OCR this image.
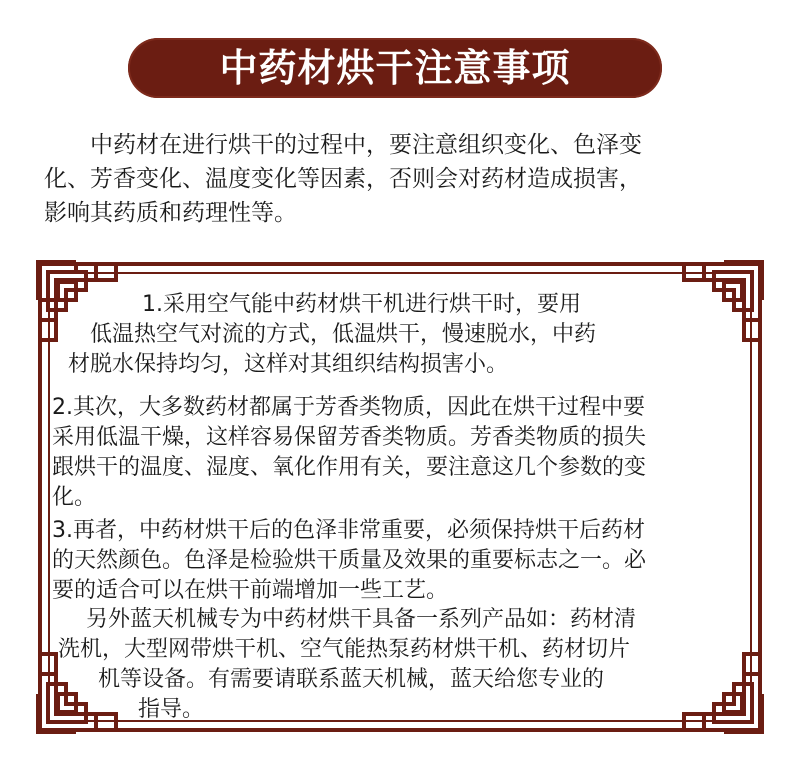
中药材烘干注意事项

中药材在进行烘干的过程中，要注意组织变化、色泽变
化、芳香变化、温度变化等因素，否则会对药材造成损害，
影响其药质和药理性等。

1.采用空气能中药材烘干机进行烘干时，要用
低温热空气对流的方式，低温烘干，慢速脱水，中药
材脱水保持均匀，这样对其组织结构损害小。

2.其次，大多数药材都属于芳香类物质，因此在烘干过程中要
采用低温干燥，这样容易保留芳香类物质。芳香类物质的损失
跟烘干的温度、湿度、氧化作用有关，要注意这几个参数的变
化。

3.再者，中药材烘干后的色泽非常重要，必须保持烘干后药材
的天然颜色。色泽是检验烘干质量及效果的重要标志之一。必
要的适合可以在烘干前端增加一些工艺。

另外蓝天机械专为中药材烘干具备一系列产品如：药材清
洗机，大型网带烘干机、空气能热泵药材烘干机、药材切片
机等设备。有需要请联系蓝天机械，蓝天给您专业的
指导。
